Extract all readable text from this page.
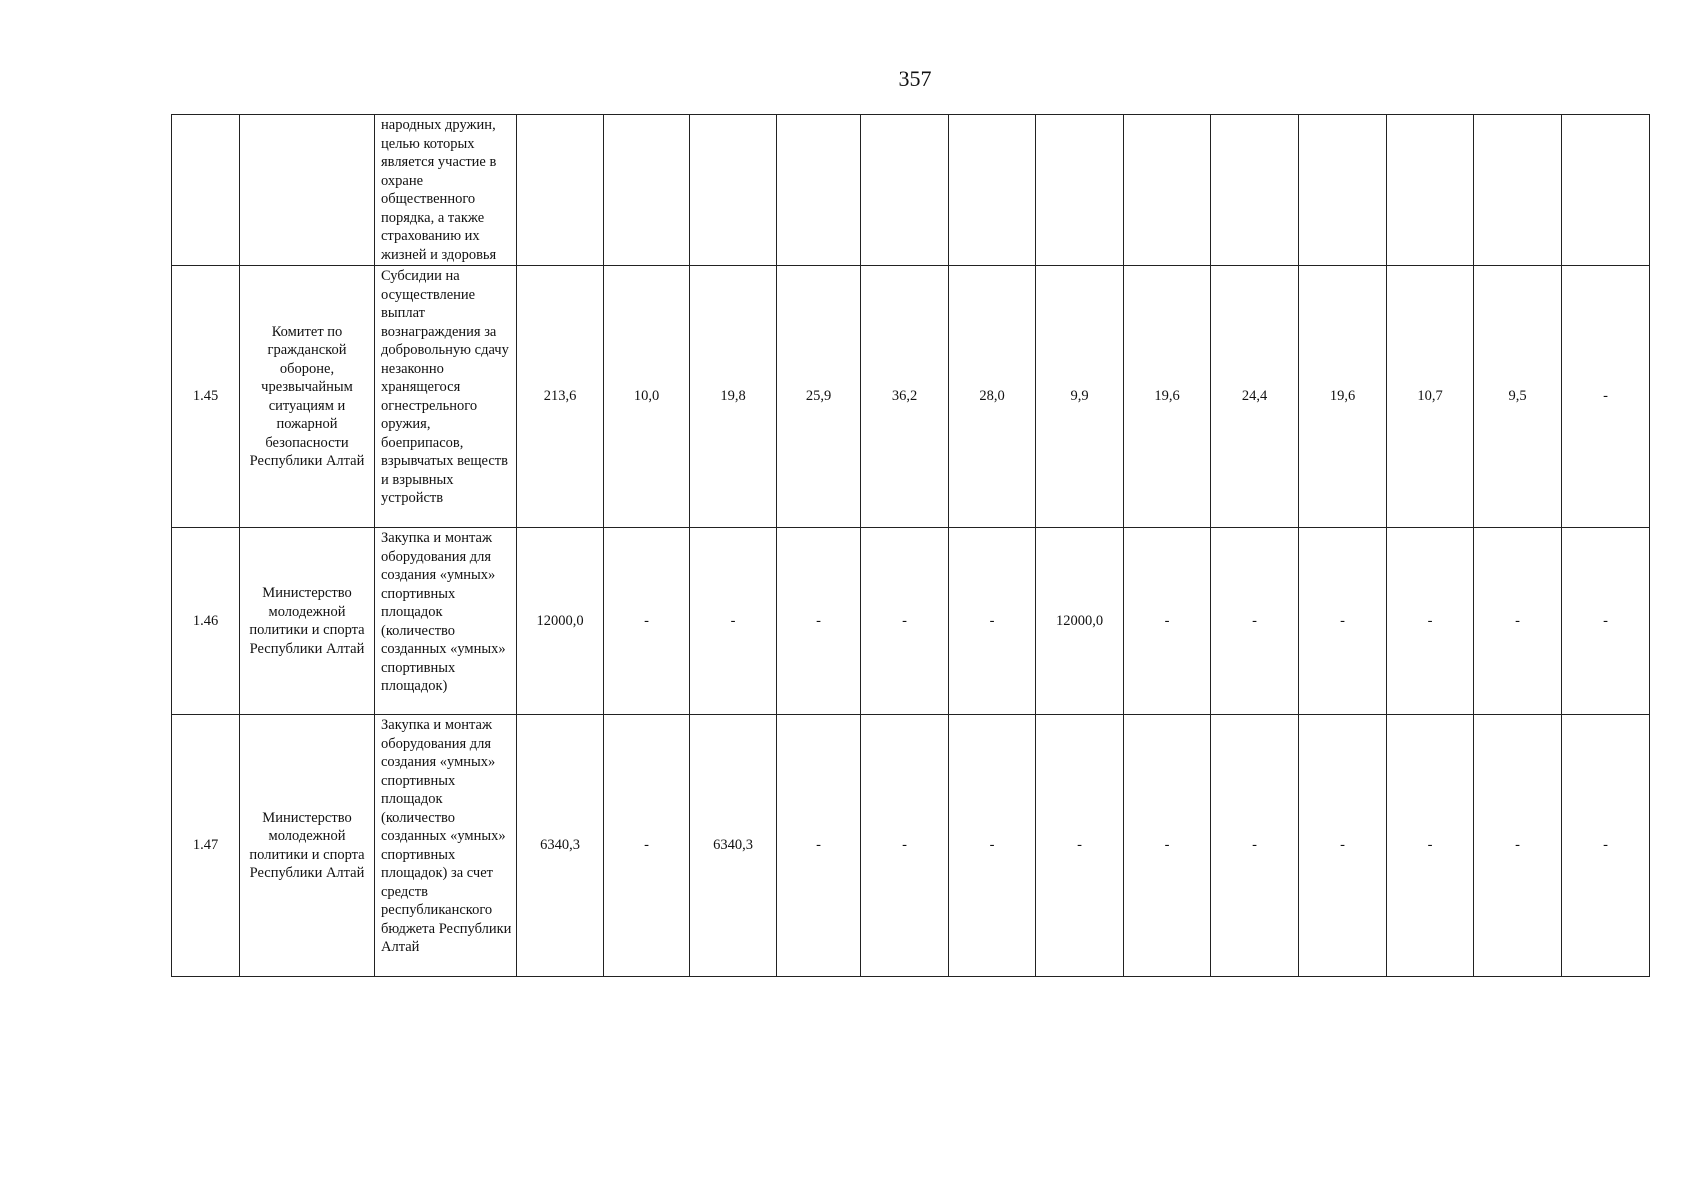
357
		народных дружин, целью которых является участие в охране общественного порядка, а также страхованию их жизней и здоровья													
1.45	Комитет по гражданской обороне, чрезвычайным ситуациям и пожарной безопасности Республики Алтай	Субсидии на осуществление выплат вознаграждения за добровольную сдачу незаконно хранящегося огнестрельного оружия, боеприпасов, взрывчатых веществ и взрывных устройств	213,6	10,0	19,8	25,9	36,2	28,0	9,9	19,6	24,4	19,6	10,7	9,5	-
1.46	Министерство молодежной политики и спорта Республики Алтай	Закупка и монтаж оборудования для создания «умных» спортивных площадок (количество созданных «умных» спортивных площадок)	12000,0	-	-	-	-	-	12000,0	-	-	-	-	-	-
1.47	Министерство молодежной политики и спорта Республики Алтай	Закупка и монтаж оборудования для создания «умных» спортивных площадок (количество созданных «умных» спортивных площадок) за счет средств республиканского бюджета Республики Алтай	6340,3	-	6340,3	-	-	-	-	-	-	-	-	-	-
